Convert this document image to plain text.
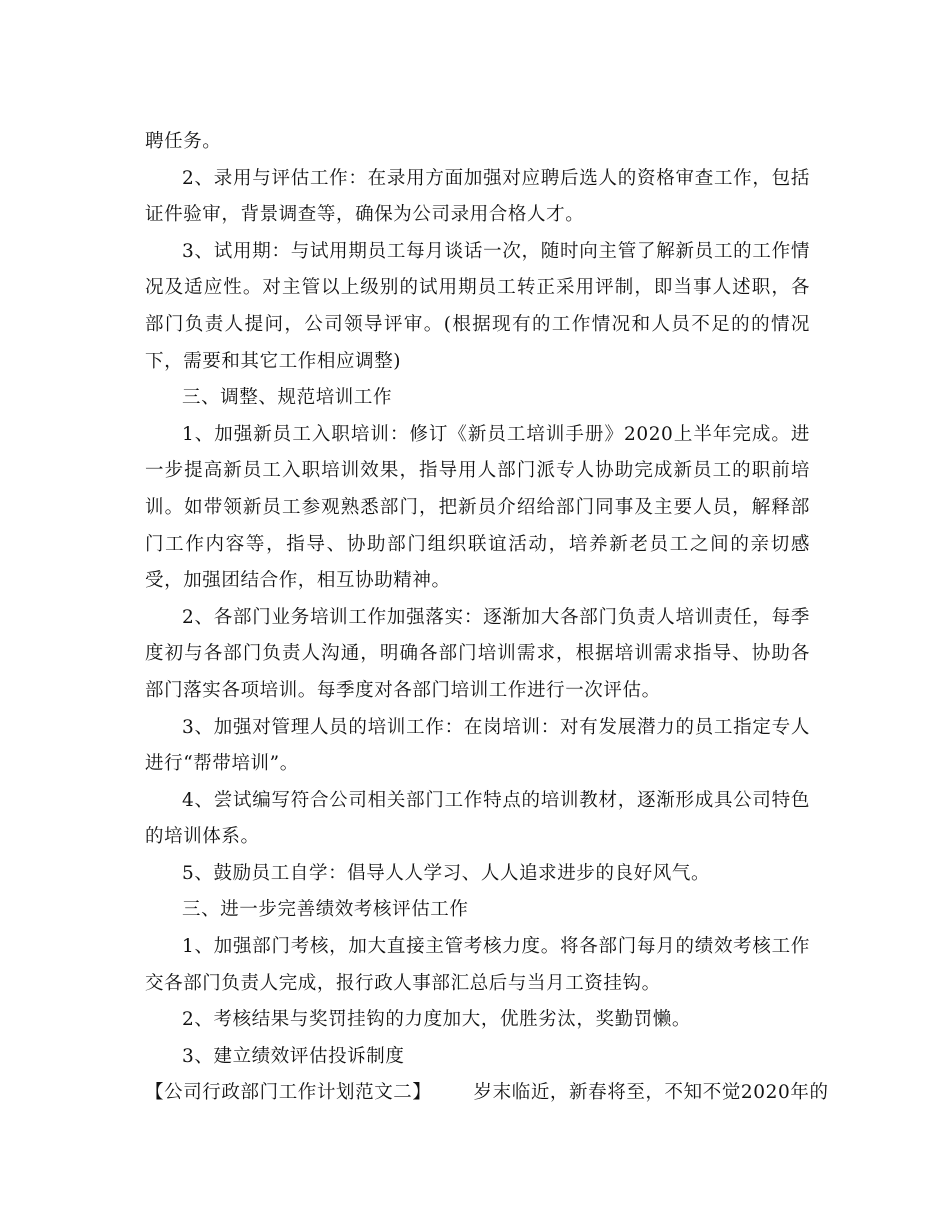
聘任务。

2、录用与评估工作：在录用方面加强对应聘后选人的资格审查工作，包括证件验审，背景调查等，确保为公司录用合格人才。

3、试用期：与试用期员工每月谈话一次，随时向主管了解新员工的工作情况及适应性。对主管以上级别的试用期员工转正采用评制，即当事人述职，各部门负责人提问，公司领导评审。(根据现有的工作情况和人员不足的的情况下，需要和其它工作相应调整)

三、调整、规范培训工作

1、加强新员工入职培训：修订《新员工培训手册》2020上半年完成。进一步提高新员工入职培训效果，指导用人部门派专人协助完成新员工的职前培训。如带领新员工参观熟悉部门，把新员介绍给部门同事及主要人员，解释部门工作内容等，指导、协助部门组织联谊活动，培养新老员工之间的亲切感受，加强团结合作，相互协助精神。

2、各部门业务培训工作加强落实：逐渐加大各部门负责人培训责任，每季度初与各部门负责人沟通，明确各部门培训需求，根据培训需求指导、协助各部门落实各项培训。每季度对各部门培训工作进行一次评估。

3、加强对管理人员的培训工作：在岗培训：对有发展潜力的员工指定专人进行“帮带培训”。

4、尝试编写符合公司相关部门工作特点的培训教材，逐渐形成具公司特色的培训体系。

5、鼓励员工自学：倡导人人学习、人人追求进步的良好风气。

三、进一步完善绩效考核评估工作

1、加强部门考核，加大直接主管考核力度。将各部门每月的绩效考核工作交各部门负责人完成，报行政人事部汇总后与当月工资挂钩。

2、考核结果与奖罚挂钩的力度加大，优胜劣汰，奖勤罚懒。

3、建立绩效评估投诉制度

【公司行政部门工作计划范文二】 岁末临近，新春将至，不知不觉2020年的
